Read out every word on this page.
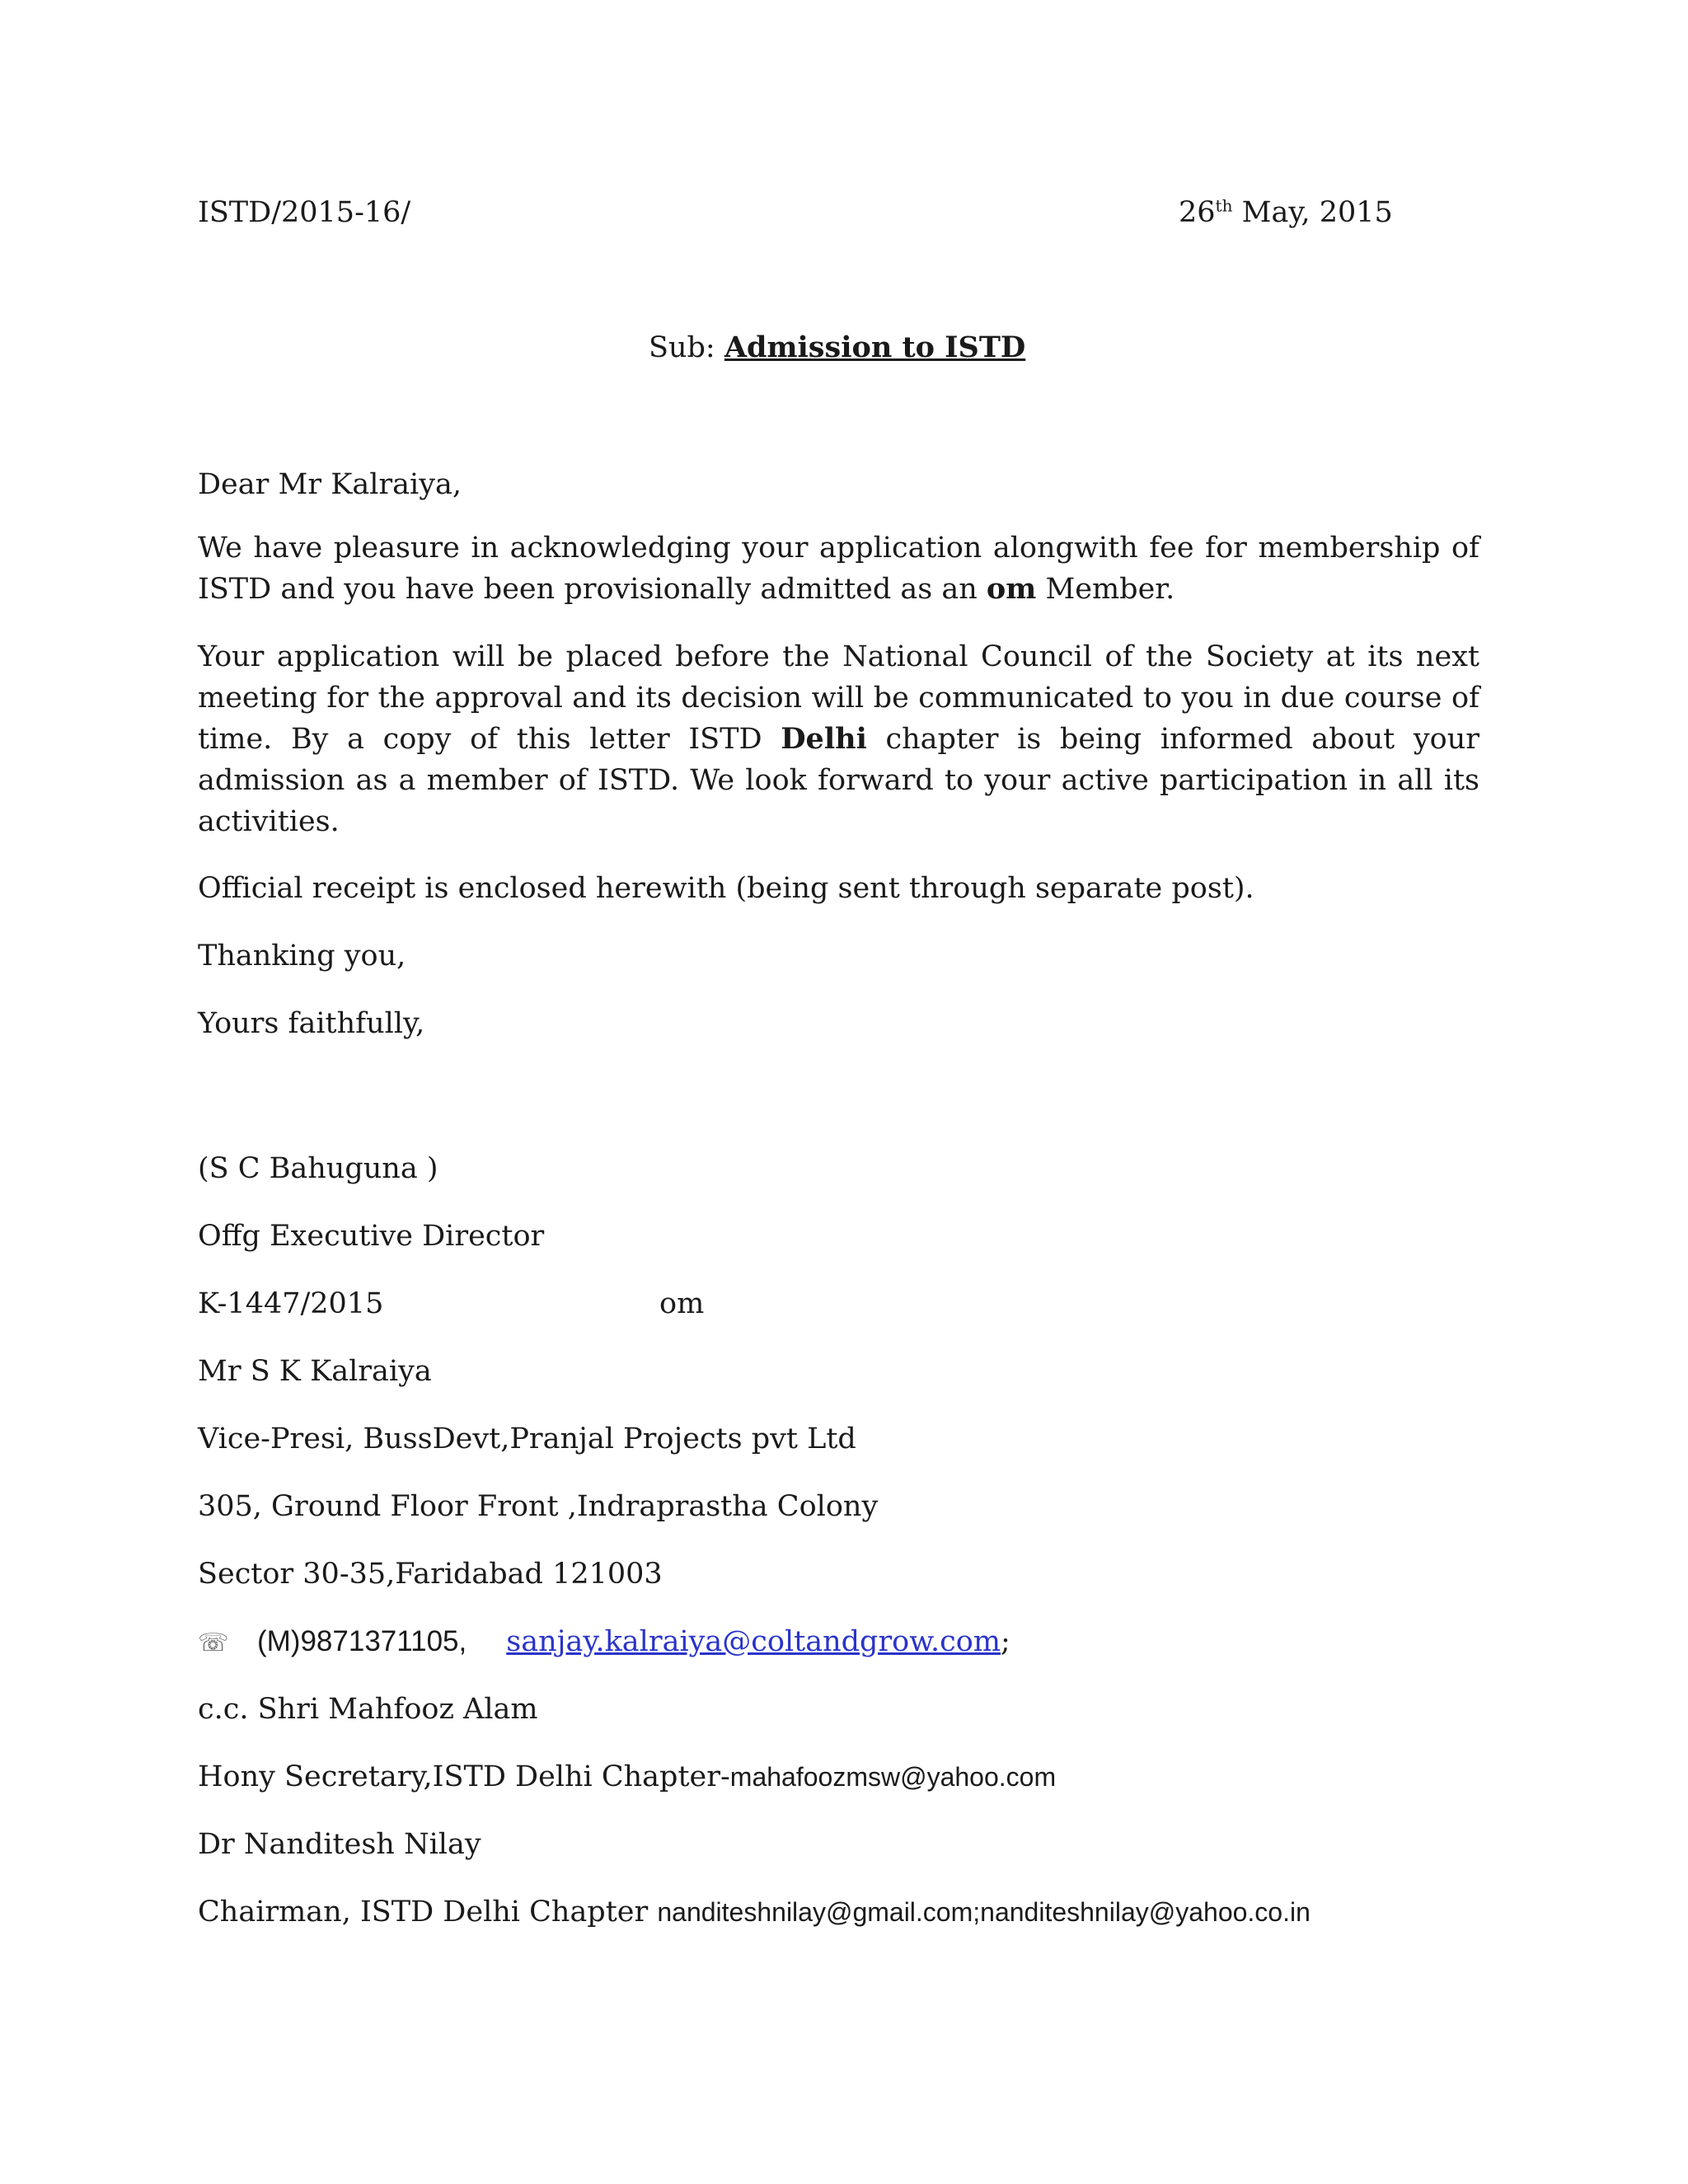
ISTD/2015-16/	26th May, 2015
Sub: Admission to ISTD
Dear Mr Kalraiya,

We have pleasure in acknowledging your application alongwith fee for membership of ISTD and you have been provisionally admitted as an om Member.

Your application will be placed before the National Council of the Society at its next meeting for the approval and its decision will be communicated to you in due course of time. By a copy of this letter ISTD Delhi chapter is being informed about your admission as a member of ISTD. We look forward to your active participation in all its activities.

Official receipt is enclosed herewith (being sent through separate post).

Thanking you,
Yours faithfully,
(S C Bahuguna )
Offg Executive Director
K-1447/2015	om
Mr S K Kalraiya
Vice-Presi, BussDevt,Pranjal Projects pvt Ltd
305, Ground Floor Front ,Indraprastha Colony
Sector 30-35,Faridabad 121003
☏ (M)9871371105, sanjay.kalraiya@coltandgrow.com;
c.c. Shri Mahfooz Alam
Hony Secretary,ISTD Delhi Chapter-mahafoozmsw@yahoo.com
Dr Nanditesh Nilay
Chairman, ISTD Delhi Chapter nanditeshnilay@gmail.com;nanditeshnilay@yahoo.co.in
